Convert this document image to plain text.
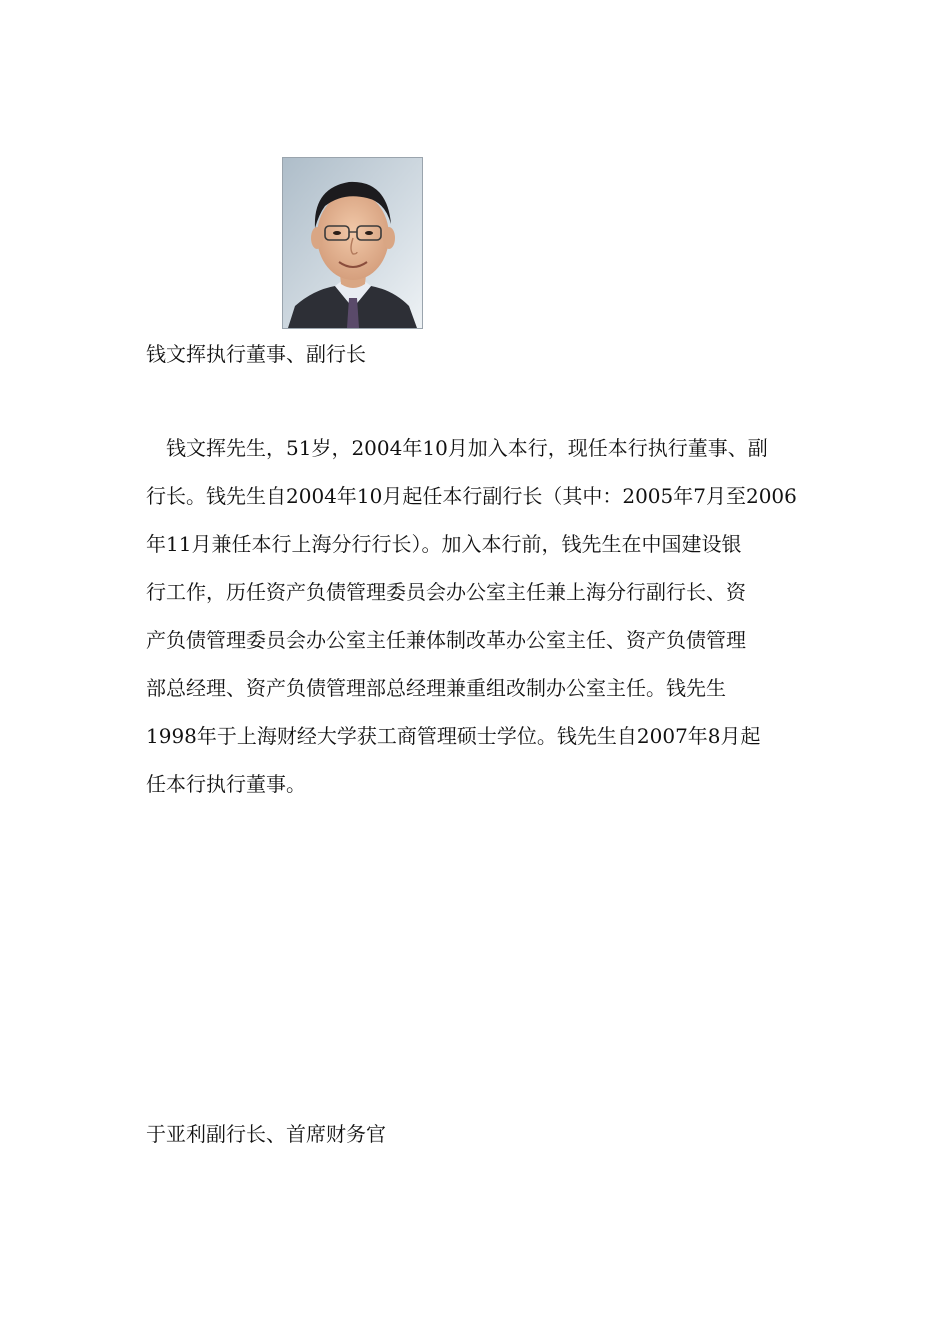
钱文挥执行董事、副行长
钱文挥先生，51岁，2004年10月加入本行，现任本行执行董事、副
行长。钱先生自2004年10月起任本行副行长（其中：2005年7月至2006
年11月兼任本行上海分行行长）。加入本行前，钱先生在中国建设银
行工作，历任资产负债管理委员会办公室主任兼上海分行副行长、资
产负债管理委员会办公室主任兼体制改革办公室主任、资产负债管理
部总经理、资产负债管理部总经理兼重组改制办公室主任。钱先生
1998年于上海财经大学获工商管理硕士学位。钱先生自2007年8月起
任本行执行董事。
于亚利副行长、首席财务官
